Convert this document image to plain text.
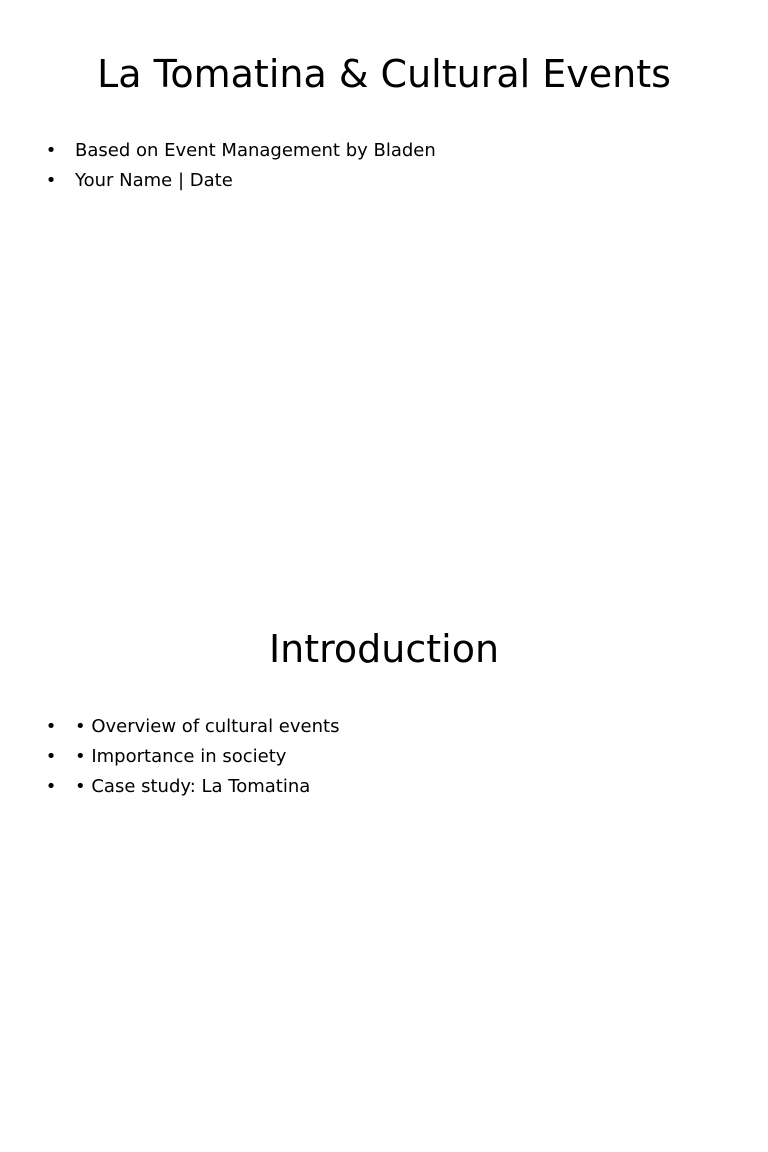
La Tomatina & Cultural Events
• Based on Event Management by Bladen
• Your Name | Date
Introduction
• • Overview of cultural events
• • Importance in society
• • Case study: La Tomatina
